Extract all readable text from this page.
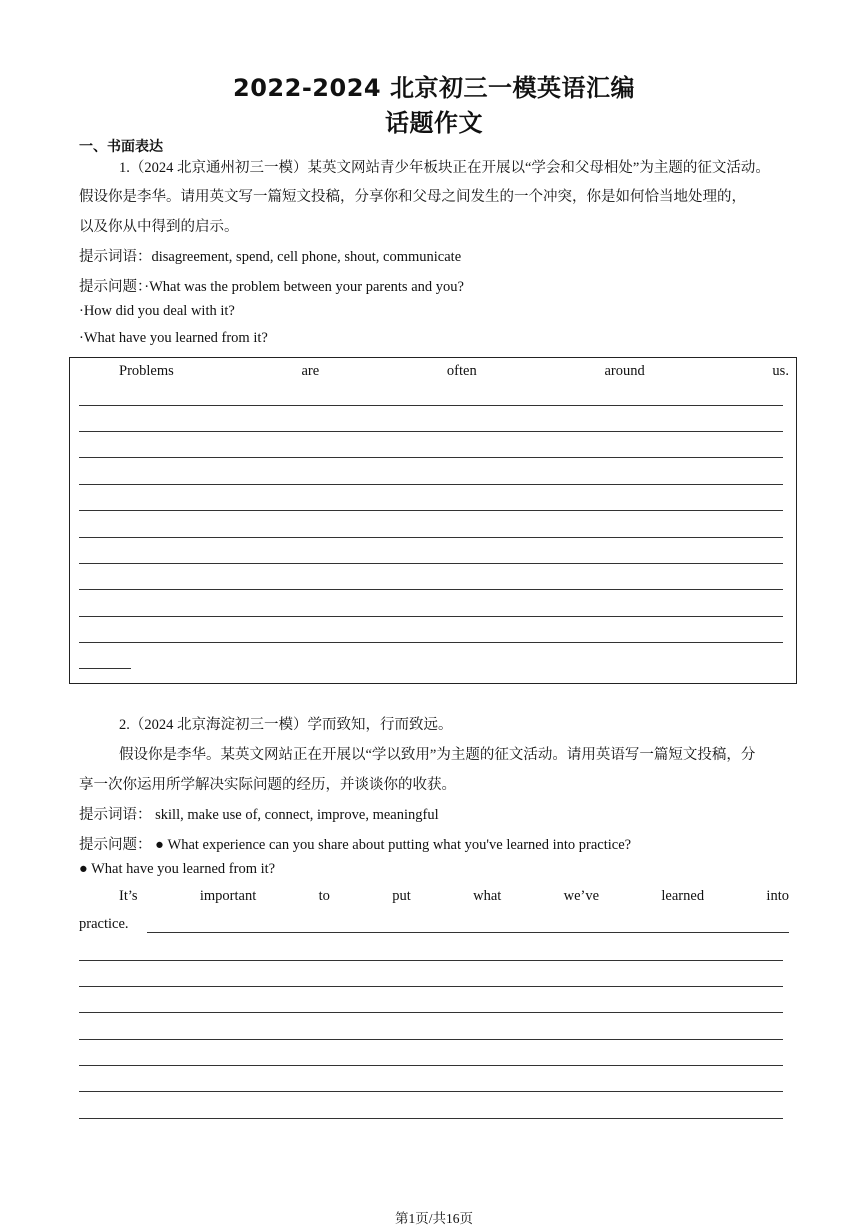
2022-2024 北京初三一模英语汇编
话题作文
一、书面表达
1.（2024 北京通州初三一模）某英文网站青少年板块正在开展以“学会和父母相处”为主题的征文活动。
假设你是李华。请用英文写一篇短文投稿，分享你和父母之间发生的一个冲突，你是如何恰当地处理的，
以及你从中得到的启示。
提示词语：disagreement, spend, cell phone, shout, communicate
提示问题：·What was the problem between your parents and you?
·How did you deal with it?
·What have you learned from it?
Problems	are	often	around	us.
2.（2024 北京海淀初三一模）学而致知，行而致远。
假设你是李华。某英文网站正在开展以“学以致用”为主题的征文活动。请用英语写一篇短文投稿，分
享一次你运用所学解决实际问题的经历，并谈谈你的收获。
提示词语： skill, make use of, connect, improve, meaningful
提示问题： ● What experience can you share about putting what you've learned into practice?
● What have you learned from it?
It’s	important	to	put	what	we’ve	learned	into
practice.
第1页/共16页
